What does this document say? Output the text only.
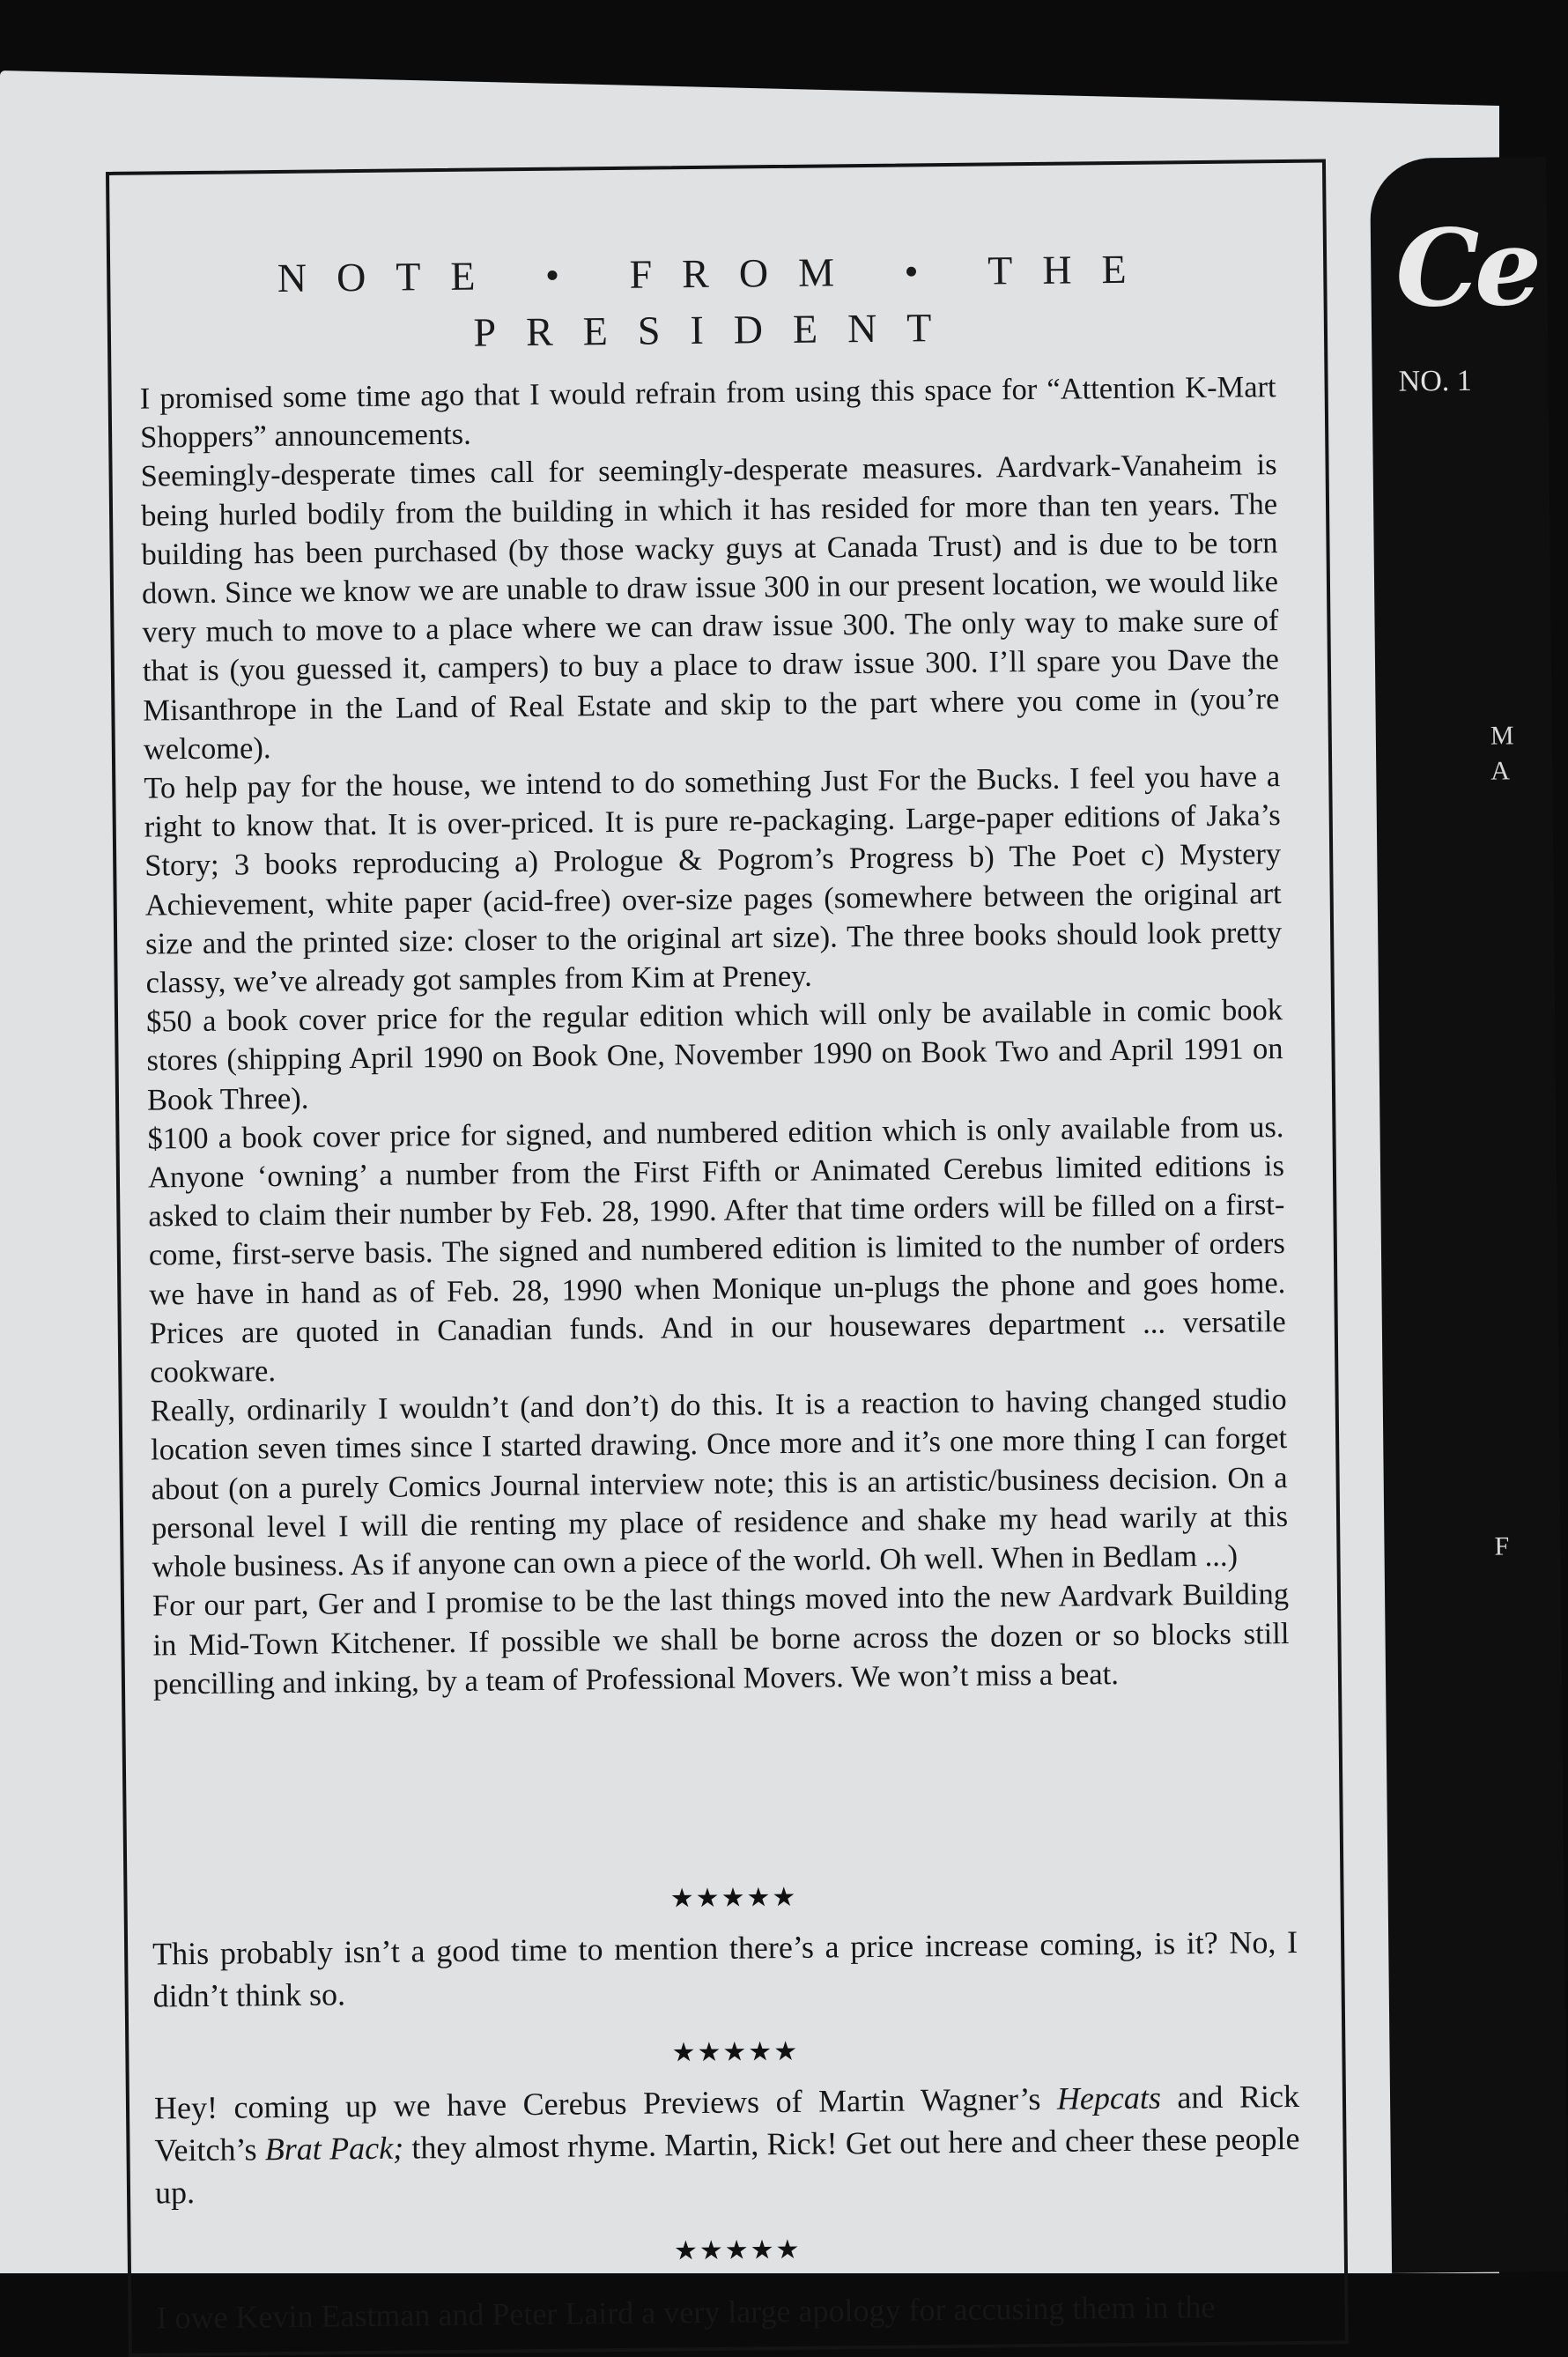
NOTE • FROM • THE
PRESIDENT

I promised some time ago that I would refrain from using this space for “Attention K-Mart Shoppers” announcements.

Seemingly-desperate times call for seemingly-desperate measures. Aardvark-Vanaheim is being hurled bodily from the building in which it has resided for more than ten years. The building has been purchased (by those wacky guys at Canada Trust) and is due to be torn down. Since we know we are unable to draw issue 300 in our present location, we would like very much to move to a place where we can draw issue 300. The only way to make sure of that is (you guessed it, campers) to buy a place to draw issue 300. I’ll spare you Dave the Misanthrope in the Land of Real Estate and skip to the part where you come in (you’re welcome).

To help pay for the house, we intend to do something Just For the Bucks. I feel you have a right to know that. It is over-priced. It is pure re-packaging. Large-paper editions of Jaka’s Story; 3 books reproducing a) Prologue & Pogrom’s Progress b) The Poet c) Mystery Achievement, white paper (acid-free) over-size pages (somewhere between the original art size and the printed size: closer to the original art size). The three books should look pretty classy, we’ve already got samples from Kim at Preney.

$50 a book cover price for the regular edition which will only be available in comic book stores (shipping April 1990 on Book One, November 1990 on Book Two and April 1991 on Book Three).

$100 a book cover price for signed, and numbered edition which is only available from us. Anyone ‘owning’ a number from the First Fifth or Animated Cerebus limited editions is asked to claim their number by Feb. 28, 1990. After that time orders will be filled on a first-come, first-serve basis. The signed and numbered edition is limited to the number of orders we have in hand as of Feb. 28, 1990 when Monique un-plugs the phone and goes home. Prices are quoted in Canadian funds. And in our housewares department ... versatile cookware.

Really, ordinarily I wouldn’t (and don’t) do this. It is a reaction to having changed studio location seven times since I started drawing. Once more and it’s one more thing I can forget about (on a purely Comics Journal interview note; this is an artistic/business decision. On a personal level I will die renting my place of residence and shake my head warily at this whole business. As if anyone can own a piece of the world. Oh well. When in Bedlam ...)

For our part, Ger and I promise to be the last things moved into the new Aardvark Building in Mid-Town Kitchener. If possible we shall be borne across the dozen or so blocks still pencilling and inking, by a team of Professional Movers. We won’t miss a beat.

★★★★★
This probably isn’t a good time to mention there’s a price increase coming, is it? No, I didn’t think so.
★★★★★
Hey! coming up we have Cerebus Previews of Martin Wagner’s Hepcats and Rick Veitch’s Brat Pack; they almost rhyme. Martin, Rick! Get out here and cheer these people up.
★★★★★
I owe Kevin Eastman and Peter Laird a very large apology for accusing them in the
Ce
NO. 1
M
A
F
